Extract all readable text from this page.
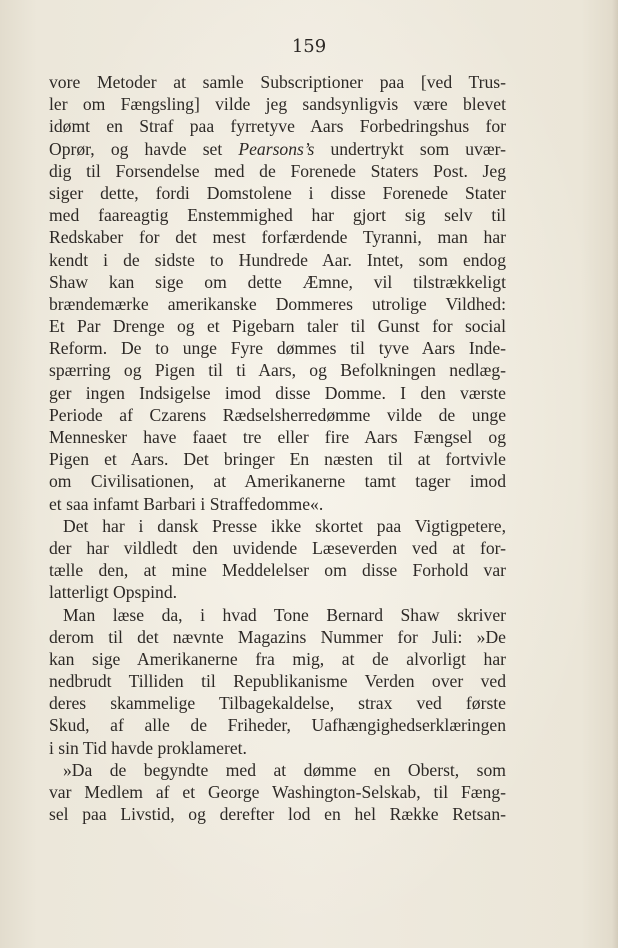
159

vore Metoder at samle Subscriptioner paa [ved Trus-
ler om Fængsling] vilde jeg sandsynligvis være blevet
idømt en Straf paa fyrretyve Aars Forbedringshus for
Oprør, og havde set Pearsons’s undertrykt som uvær-
dig til Forsendelse med de Forenede Staters Post. Jeg
siger dette, fordi Domstolene i disse Forenede Stater
med faareagtig Enstemmighed har gjort sig selv til
Redskaber for det mest forfærdende Tyranni, man har
kendt i de sidste to Hundrede Aar. Intet, som endog
Shaw kan sige om dette Æmne, vil tilstrækkeligt
brændemærke amerikanske Dommeres utrolige Vildhed:
Et Par Drenge og et Pigebarn taler til Gunst for social
Reform. De to unge Fyre dømmes til tyve Aars Inde-
spærring og Pigen til ti Aars, og Befolkningen nedlæg-
ger ingen Indsigelse imod disse Domme. I den værste
Periode af Czarens Rædselsherredømme vilde de unge
Mennesker have faaet tre eller fire Aars Fængsel og
Pigen et Aars. Det bringer En næsten til at fortvivle
om Civilisationen, at Amerikanerne tamt tager imod
et saa infamt Barbari i Straffedomme«.
Det har i dansk Presse ikke skortet paa Vigtigpetere,
der har vildledt den uvidende Læseverden ved at for-
tælle den, at mine Meddelelser om disse Forhold var
latterligt Opspind.
Man læse da, i hvad Tone Bernard Shaw skriver
derom til det nævnte Magazins Nummer for Juli: »De
kan sige Amerikanerne fra mig, at de alvorligt har
nedbrudt Tilliden til Republikanisme Verden over ved
deres skammelige Tilbagekaldelse, strax ved første
Skud, af alle de Friheder, Uafhængighedserklæringen
i sin Tid havde proklameret.
»Da de begyndte med at dømme en Oberst, som
var Medlem af et George Washington-Selskab, til Fæng-
sel paa Livstid, og derefter lod en hel Række Retsan-
